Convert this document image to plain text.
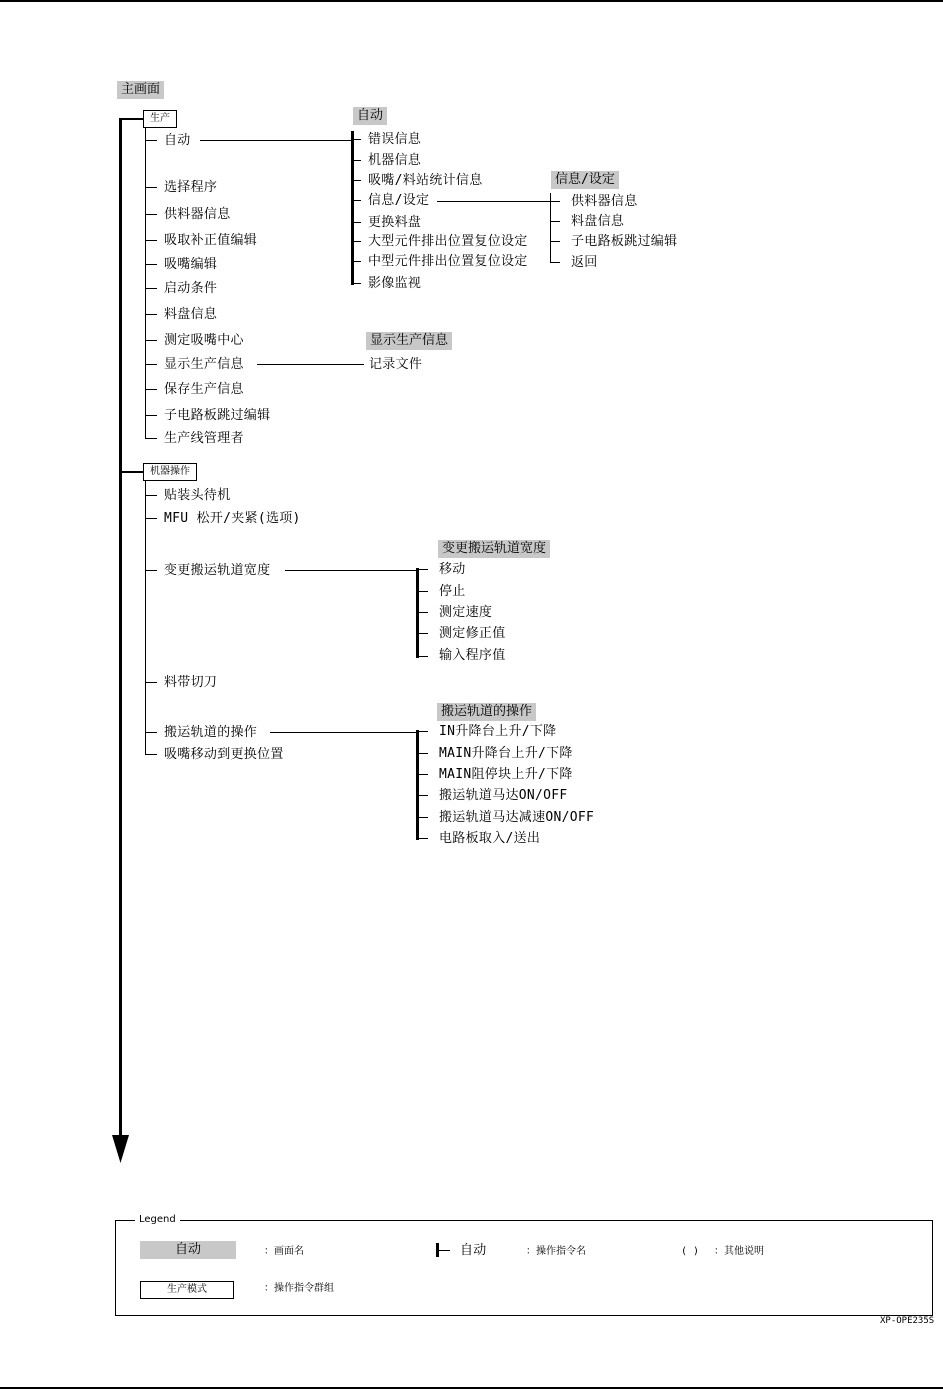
主画面
生产
自动
选择程序
供料器信息
吸取补正值编辑
吸嘴编辑
启动条件
料盘信息
测定吸嘴中心
显示生产信息
保存生产信息
子电路板跳过编辑
生产线管理者
自动
错误信息
机器信息
吸嘴/料站统计信息
信息/设定
更换料盘
大型元件排出位置复位设定
中型元件排出位置复位设定
影像监视
信息/设定
供料器信息
料盘信息
子电路板跳过编辑
返回
显示生产信息
记录文件
机器操作
贴装头待机
MFU 松开/夹紧(选项)
变更搬运轨道宽度
料带切刀
搬运轨道的操作
吸嘴移动到更换位置
变更搬运轨道宽度
移动
停止
测定速度
测定修正值
输入程序值
搬运轨道的操作
IN升降台上升/下降
MAIN升降台上升/下降
MAIN阻停块上升/下降
搬运轨道马达ON/OFF
搬运轨道马达减速ON/OFF
电路板取入/送出
Legend
自动	：画面名	自动	：操作指令名	( ) ：其他说明
生产模式	：操作指令群组
XP-OPE235S
